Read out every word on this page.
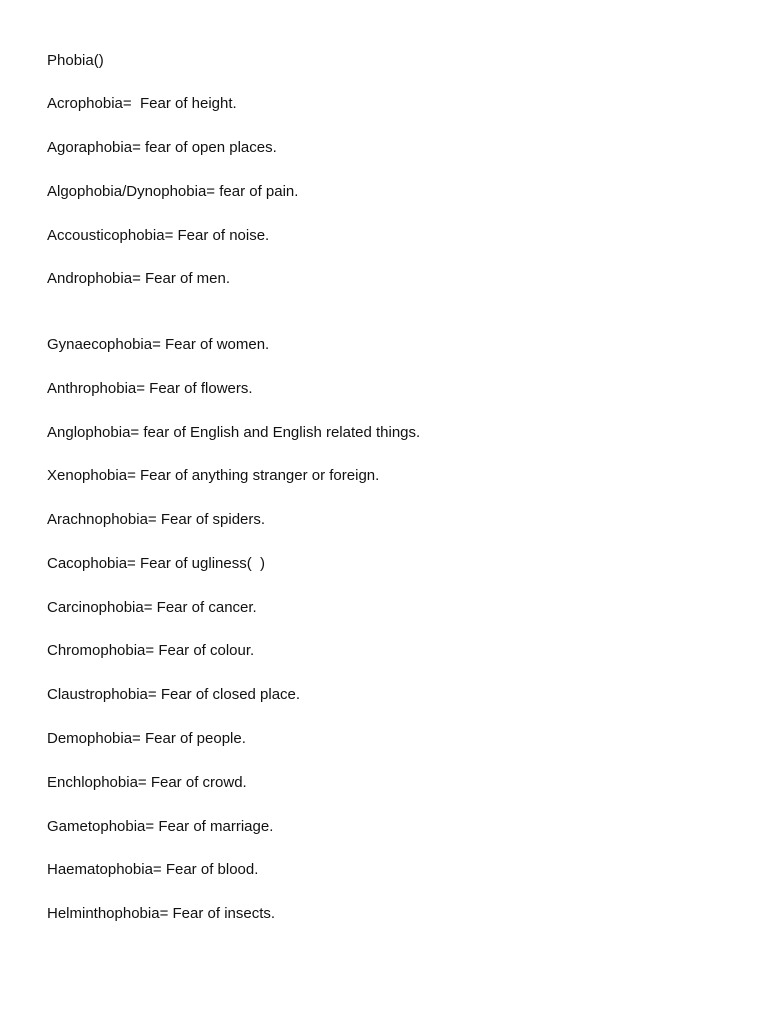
Phobia()
Acrophobia=  Fear of height.
Agoraphobia= fear of open places.
Algophobia/Dynophobia= fear of pain.
Accousticophobia= Fear of noise.
Androphobia= Fear of men.
Gynaecophobia= Fear of women.
Anthrophobia= Fear of flowers.
Anglophobia= fear of English and English related things.
Xenophobia= Fear of anything stranger or foreign.
Arachnophobia= Fear of spiders.
Cacophobia= Fear of ugliness(  )
Carcinophobia= Fear of cancer.
Chromophobia= Fear of colour.
Claustrophobia= Fear of closed place.
Demophobia= Fear of people.
Enchlophobia= Fear of crowd.
Gametophobia= Fear of marriage.
Haematophobia= Fear of blood.
Helminthophobia= Fear of insects.
